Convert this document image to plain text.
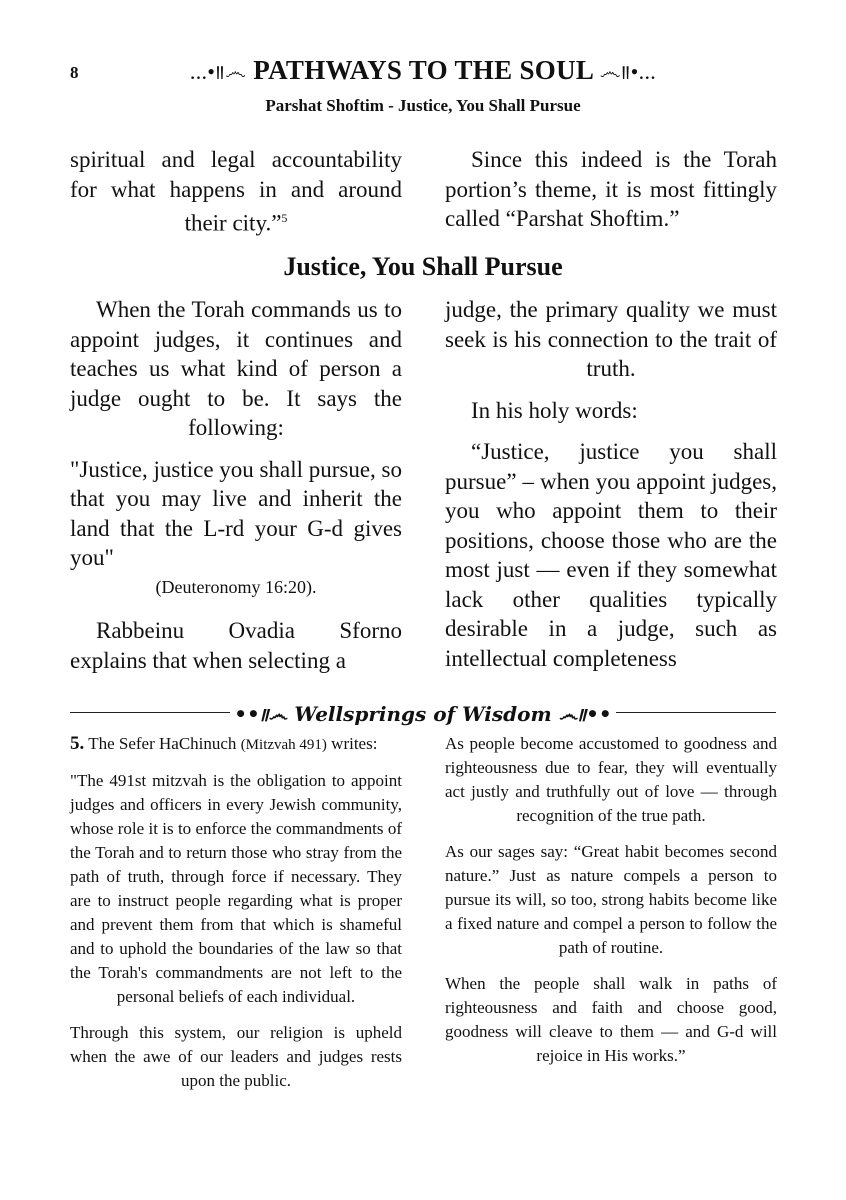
8	...•᰼෴ PATHWAYS TO THE SOUL ෴᰼•...
Parshat Shoftim - Justice, You Shall Pursue

spiritual and legal accountability for what happens in and around their city.”$^5$

Since this indeed is the Torah portion’s theme, it is most fittingly called “Parshat Shoftim.”

Justice, You Shall Pursue

When the Torah commands us to appoint judges, it continues and teaches us what kind of person a judge ought to be. It says the following:

"Justice, justice you shall pursue, so that you may live and inherit the land that the L-rd your G-d gives you"

(Deuteronomy 16:20).

Rabbeinu Ovadia Sforno explains that when selecting a

judge, the primary quality we must seek is his connection to the trait of truth.

In his holy words:

“Justice, justice you shall pursue” – when you appoint judges, you who appoint them to their positions, choose those who are the most just — even if they somewhat lack other qualities typically desirable in a judge, such as intellectual completeness

••᰼෴ Wellsprings of Wisdom ෴᰼••

5. The Sefer HaChinuch (Mitzvah 491) writes:

"The 491st mitzvah is the obligation to appoint judges and officers in every Jewish community, whose role it is to enforce the commandments of the Torah and to return those who stray from the path of truth, through force if necessary. They are to instruct people regarding what is proper and prevent them from that which is shameful and to uphold the boundaries of the law so that the Torah's commandments are not left to the personal beliefs of each individual.

Through this system, our religion is upheld when the awe of our leaders and judges rests upon the public.

As people become accustomed to goodness and righteousness due to fear, they will eventually act justly and truthfully out of love — through recognition of the true path.

As our sages say: “Great habit becomes second nature.” Just as nature compels a person to pursue its will, so too, strong habits become like a fixed nature and compel a person to follow the path of routine.

When the people shall walk in paths of righteousness and faith and choose good, goodness will cleave to them — and G-d will rejoice in His works.”
